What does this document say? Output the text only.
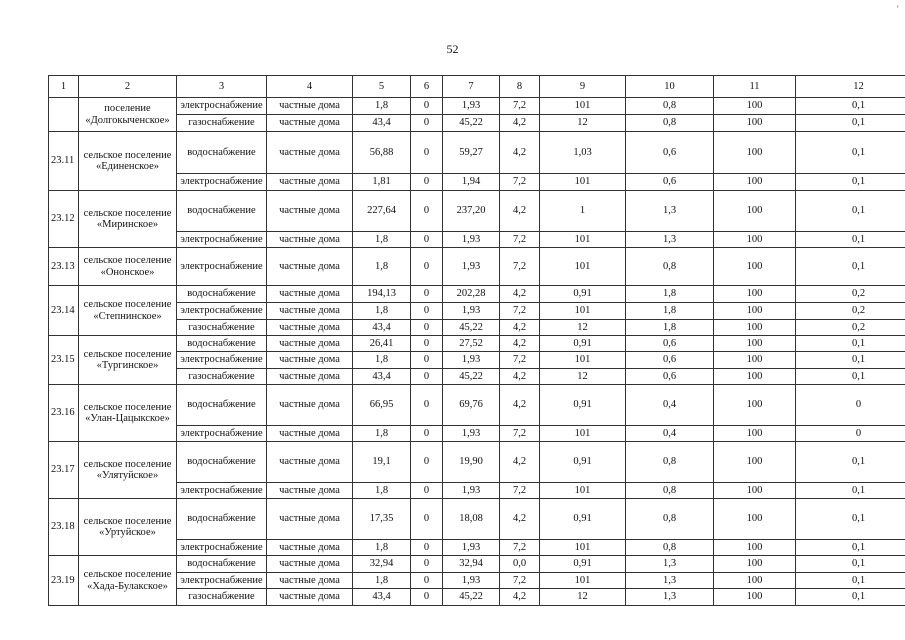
52
’
1	2	3	4	5	6	7	8	9	10	11	12
	поселение «Долгокыченское»	электроснабжение	частные дома	1,8	0	1,93	7,2	101	0,8	100	0,1
		газоснабжение	частные дома	43,4	0	45,22	4,2	12	0,8	100	0,1
23.11	сельское поселение «Единенское»	водоснабжение	частные дома	56,88	0	59,27	4,2	1,03	0,6	100	0,1
		электроснабжение	частные дома	1,81	0	1,94	7,2	101	0,6	100	0,1
23.12	сельское поселение «Миринское»	водоснабжение	частные дома	227,64	0	237,20	4,2	1	1,3	100	0,1
		электроснабжение	частные дома	1,8	0	1,93	7,2	101	1,3	100	0,1
23.13	сельское поселение «Ононское»	электроснабжение	частные дома	1,8	0	1,93	7,2	101	0,8	100	0,1
23.14	сельское поселение «Степнинское»	водоснабжение	частные дома	194,13	0	202,28	4,2	0,91	1,8	100	0,2
		электроснабжение	частные дома	1,8	0	1,93	7,2	101	1,8	100	0,2
		газоснабжение	частные дома	43,4	0	45,22	4,2	12	1,8	100	0,2
23.15	сельское поселение «Тургинское»	водоснабжение	частные дома	26,41	0	27,52	4,2	0,91	0,6	100	0,1
		электроснабжение	частные дома	1,8	0	1,93	7,2	101	0,6	100	0,1
		газоснабжение	частные дома	43,4	0	45,22	4,2	12	0,6	100	0,1
23.16	сельское поселение «Улан-Цацыкское»	водоснабжение	частные дома	66,95	0	69,76	4,2	0,91	0,4	100	0
		электроснабжение	частные дома	1,8	0	1,93	7,2	101	0,4	100	0
23.17	сельское поселение «Улятуйское»	водоснабжение	частные дома	19,1	0	19,90	4,2	0,91	0,8	100	0,1
		электроснабжение	частные дома	1,8	0	1,93	7,2	101	0,8	100	0,1
23.18	сельское поселение «Уртуйское»	водоснабжение	частные дома	17,35	0	18,08	4,2	0,91	0,8	100	0,1
		электроснабжение	частные дома	1,8	0	1,93	7,2	101	0,8	100	0,1
23.19	сельское поселение «Хада-Булакское»	водоснабжение	частные дома	32,94	0	32,94	0,0	0,91	1,3	100	0,1
		электроснабжение	частные дома	1,8	0	1,93	7,2	101	1,3	100	0,1
		газоснабжение	частные дома	43,4	0	45,22	4,2	12	1,3	100	0,1
